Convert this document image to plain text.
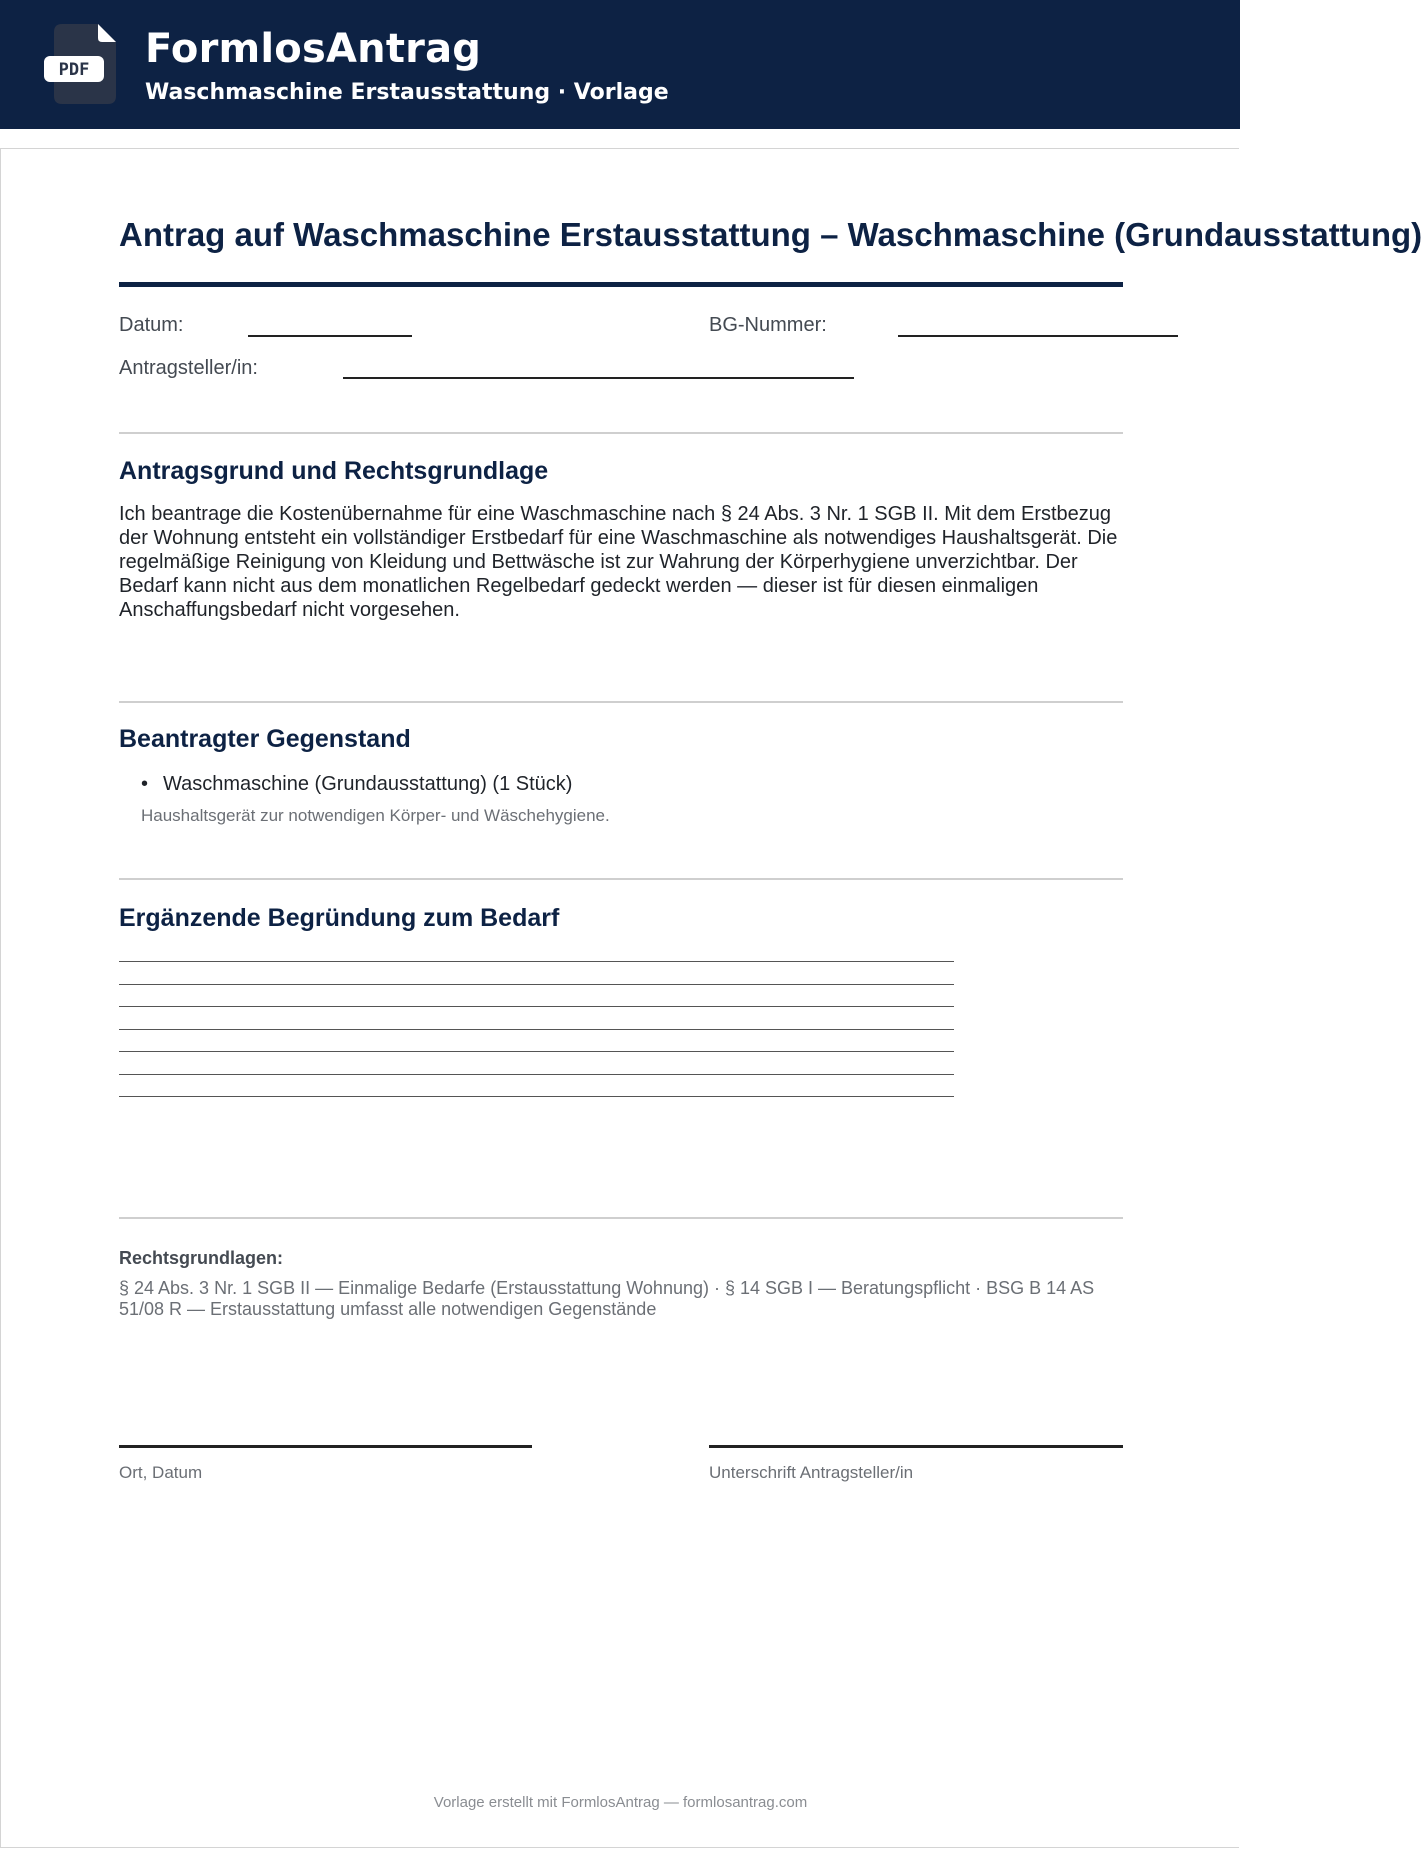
PDF FormlosAntrag
Waschmaschine Erstausstattung · Vorlage
Antrag auf Waschmaschine Erstausstattung – Waschmaschine (Grundausstattung)
Datum:	BG-Nummer:
Antragsteller/in:
Antragsgrund und Rechtsgrundlage
Ich beantrage die Kostenübernahme für eine Waschmaschine nach § 24 Abs. 3 Nr. 1 SGB II. Mit dem Erstbezug der Wohnung entsteht ein vollständiger Erstbedarf für eine Waschmaschine als notwendiges Haushaltsgerät. Die regelmäßige Reinigung von Kleidung und Bettwäsche ist zur Wahrung der Körperhygiene unverzichtbar. Der Bedarf kann nicht aus dem monatlichen Regelbedarf gedeckt werden — dieser ist für diesen einmaligen Anschaffungsbedarf nicht vorgesehen.
Beantragter Gegenstand
• Waschmaschine (Grundausstattung) (1 Stück)
Haushaltsgerät zur notwendigen Körper- und Wäschehygiene.
Ergänzende Begründung zum Bedarf
Rechtsgrundlagen:
§ 24 Abs. 3 Nr. 1 SGB II — Einmalige Bedarfe (Erstausstattung Wohnung) · § 14 SGB I — Beratungspflicht · BSG B 14 AS 51/08 R — Erstausstattung umfasst alle notwendigen Gegenstände
Ort, Datum	Unterschrift Antragsteller/in
Vorlage erstellt mit FormlosAntrag — formlosantrag.com
